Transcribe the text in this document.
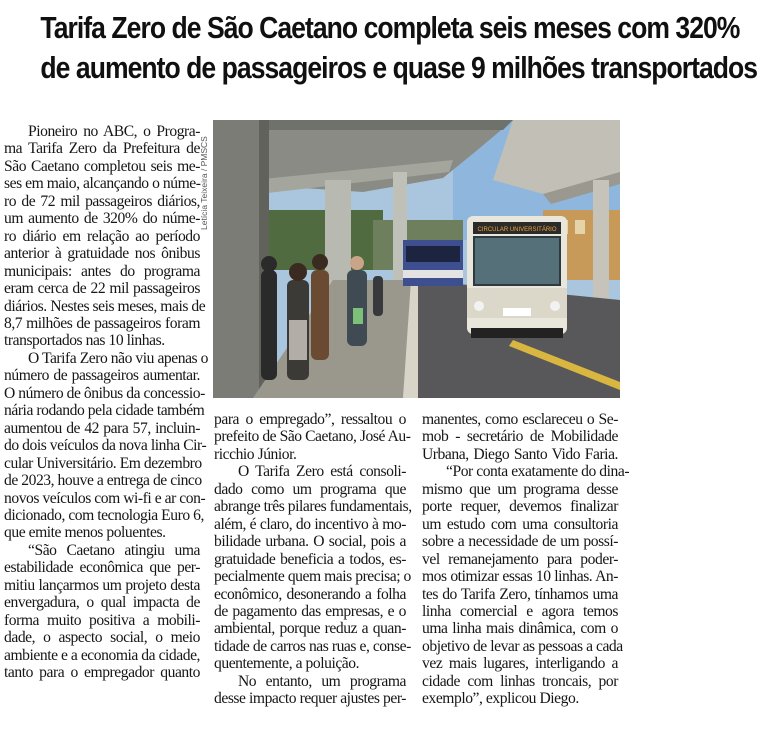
Tarifa Zero de São Caetano completa seis meses com 320%
de aumento de passageiros e quase 9 milhões transportados
Pioneiro no ABC, o Progra-
ma Tarifa Zero da Prefeitura de
São Caetano completou seis me-
ses em maio, alcançando o núme-
ro de 72 mil passageiros diários,
um aumento de 320% do núme-
ro diário em relação ao período
anterior à gratuidade nos ônibus
municipais: antes do programa
eram cerca de 22 mil passageiros
diários. Nestes seis meses, mais de
8,7 milhões de passageiros foram
transportados nas 10 linhas.
O Tarifa Zero não viu apenas o
número de passageiros aumentar.
O número de ônibus da concessio-
nária rodando pela cidade também
aumentou de 42 para 57, incluin-
do dois veículos da nova linha Cir-
cular Universitário. Em dezembro
de 2023, houve a entrega de cinco
novos veículos com wi-fi e ar con-
dicionado, com tecnologia Euro 6,
que emite menos poluentes.
“São Caetano atingiu uma
estabilidade econômica que per-
mitiu lançarmos um projeto desta
envergadura, o qual impacta de
forma muito positiva a mobili-
dade, o aspecto social, o meio
ambiente e a economia da cidade,
tanto para o empregador quanto
Letícia Teixeira / PMSCS	CIRCULAR UNIVERSITÁRIO
para o empregado”, ressaltou o
prefeito de São Caetano, José Au-
ricchio Júnior.
O Tarifa Zero está consoli-
dado como um programa que
abrange três pilares fundamentais,
além, é claro, do incentivo à mo-
bilidade urbana. O social, pois a
gratuidade beneficia a todos, es-
pecialmente quem mais precisa; o
econômico, desonerando a folha
de pagamento das empresas, e o
ambiental, porque reduz a quan-
tidade de carros nas ruas e, conse-
quentemente, a poluição.
No entanto, um programa
desse impacto requer ajustes per-
manentes, como esclareceu o Se-
mob - secretário de Mobilidade
Urbana, Diego Santo Vido Faria.
“Por conta exatamente do dina-
mismo que um programa desse
porte requer, devemos finalizar
um estudo com uma consultoria
sobre a necessidade de um possí-
vel remanejamento para poder-
mos otimizar essas 10 linhas. An-
tes do Tarifa Zero, tínhamos uma
linha comercial e agora temos
uma linha mais dinâmica, com o
objetivo de levar as pessoas a cada
vez mais lugares, interligando a
cidade com linhas troncais, por
exemplo”, explicou Diego.
